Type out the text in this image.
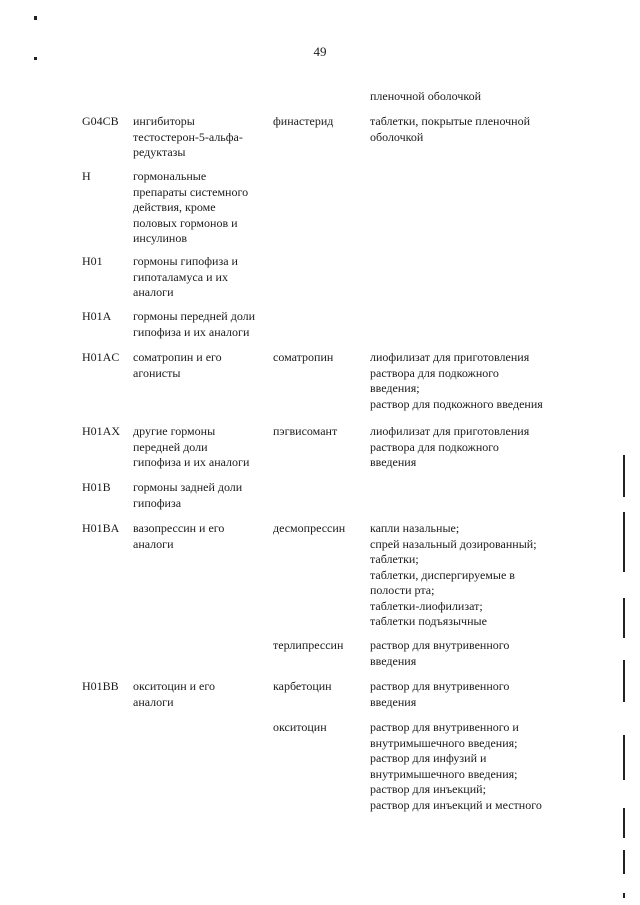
49
пленочной оболочкой
G04CB ингибиторы
тестостерон-5-альфа-
редуктазы
финастерид	таблетки, покрытые пленочной
оболочкой
H	гормональные
препараты системного
действия, кроме
половых гормонов и
инсулинов
H01	гормоны гипофиза и
гипоталамуса и их
аналоги
H01A гормоны передней доли
гипофиза и их аналоги
H01AC соматропин и его
агонисты
соматропин	лиофилизат для приготовления
раствора для подкожного
введения;
раствор для подкожного введения
H01AX другие гормоны
передней доли
гипофиза и их аналоги
пэгвисомант	лиофилизат для приготовления
раствора для подкожного
введения
H01B гормоны задней доли
гипофиза
H01BA вазопрессин и его
аналоги
десмопрессин капли назальные;
спрей назальный дозированный;
таблетки;
таблетки, диспергируемые в
полости рта;
таблетки-лиофилизат;
таблетки подъязычные
терлипрессин раствор для внутривенного
введения
H01BB окситоцин и его
аналоги
карбетоцин	раствор для внутривенного
введения
окситоцин	раствор для внутривенного и
внутримышечного введения;
раствор для инфузий и
внутримышечного введения;
раствор для инъекций;
раствор для инъекций и местного
